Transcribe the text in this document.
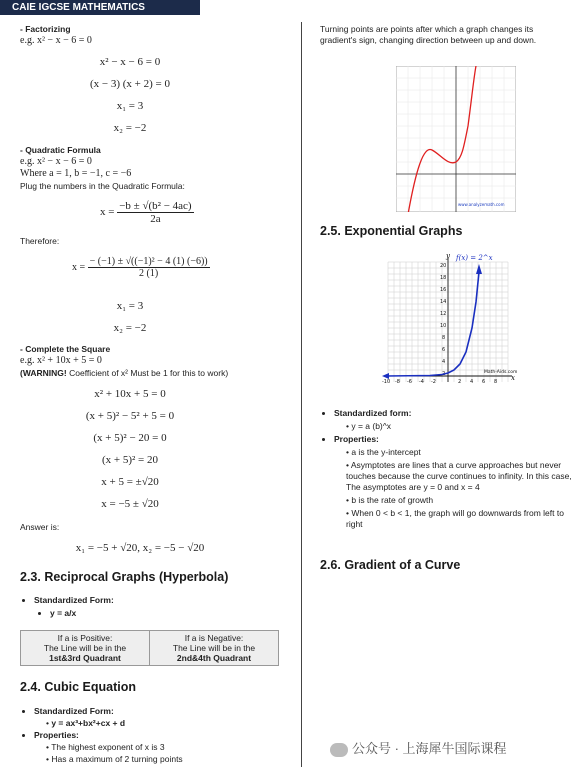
CAIE IGCSE MATHEMATICS
- Factorizing
e.g. x² − x − 6 = 0
x² − x − 6 = 0
(x − 3) (x + 2) = 0
x₁ = 3
x₂ = −2
- Quadratic Formula
e.g. x² − x − 6 = 0
Where a = 1, b = −1, c = −6
Plug the numbers in the Quadratic Formula:
$x = \frac{\text{−b ± √(b² − 4ac)}}{2a}$
Therefore:
$x = \frac{\text{− (−1) ± √((−1)² − 4 (1) (−6))}}{2 (1)}$
x₁ = 3
x₂ = −2
- Complete the Square
e.g. x² + 10x + 5 = 0
(WARNING! Coefficient of x² Must be 1 for this to work)
x² + 10x + 5 = 0
(x + 5)² − 5² + 5 = 0
(x + 5)² − 20 = 0
(x + 5)² = 20
x + 5 = ±√20
x = −5 ± √20
Answer is:
x₁ = −5 + √20, x₂ = −5 − √20
2.3. Reciprocal Graphs (Hyperbola)
• Standardized Form:
• y = a/x
If a is Positive:
The Line will be in the
1st&3rd Quadrant

If a is Negative:
The Line will be in the
2nd&4th Quadrant
2.4. Cubic Equation
• Standardized Form:
• y = ax³+bx²+cx + d
• Properties:
• The highest exponent of x is 3
• Has a maximum of 2 turning points
Turning points are points after which a graph changes its gradient's sign, changing direction between up and down.
www.analyzemath.com
2.5. Exponential Graphs
20
18
16
14
12
10
8
6
4
2
-10 -8 -6 -4 -2	2 4 6 8
y
x
f(x) = 2^x
Math-Aids.com
• Standardized form:
• y = a (b)^x
• Properties:
• a is the y-intercept
• Asymptotes are lines that a curve approaches but never touches because the curve continues to infinity. In this case, The asymptotes are y = 0 and x = 4
• b is the rate of growth
• When 0 < b < 1, the graph will go downwards from left to right
2.6. Gradient of a Curve
公众号 · 上海犀牛国际课程
